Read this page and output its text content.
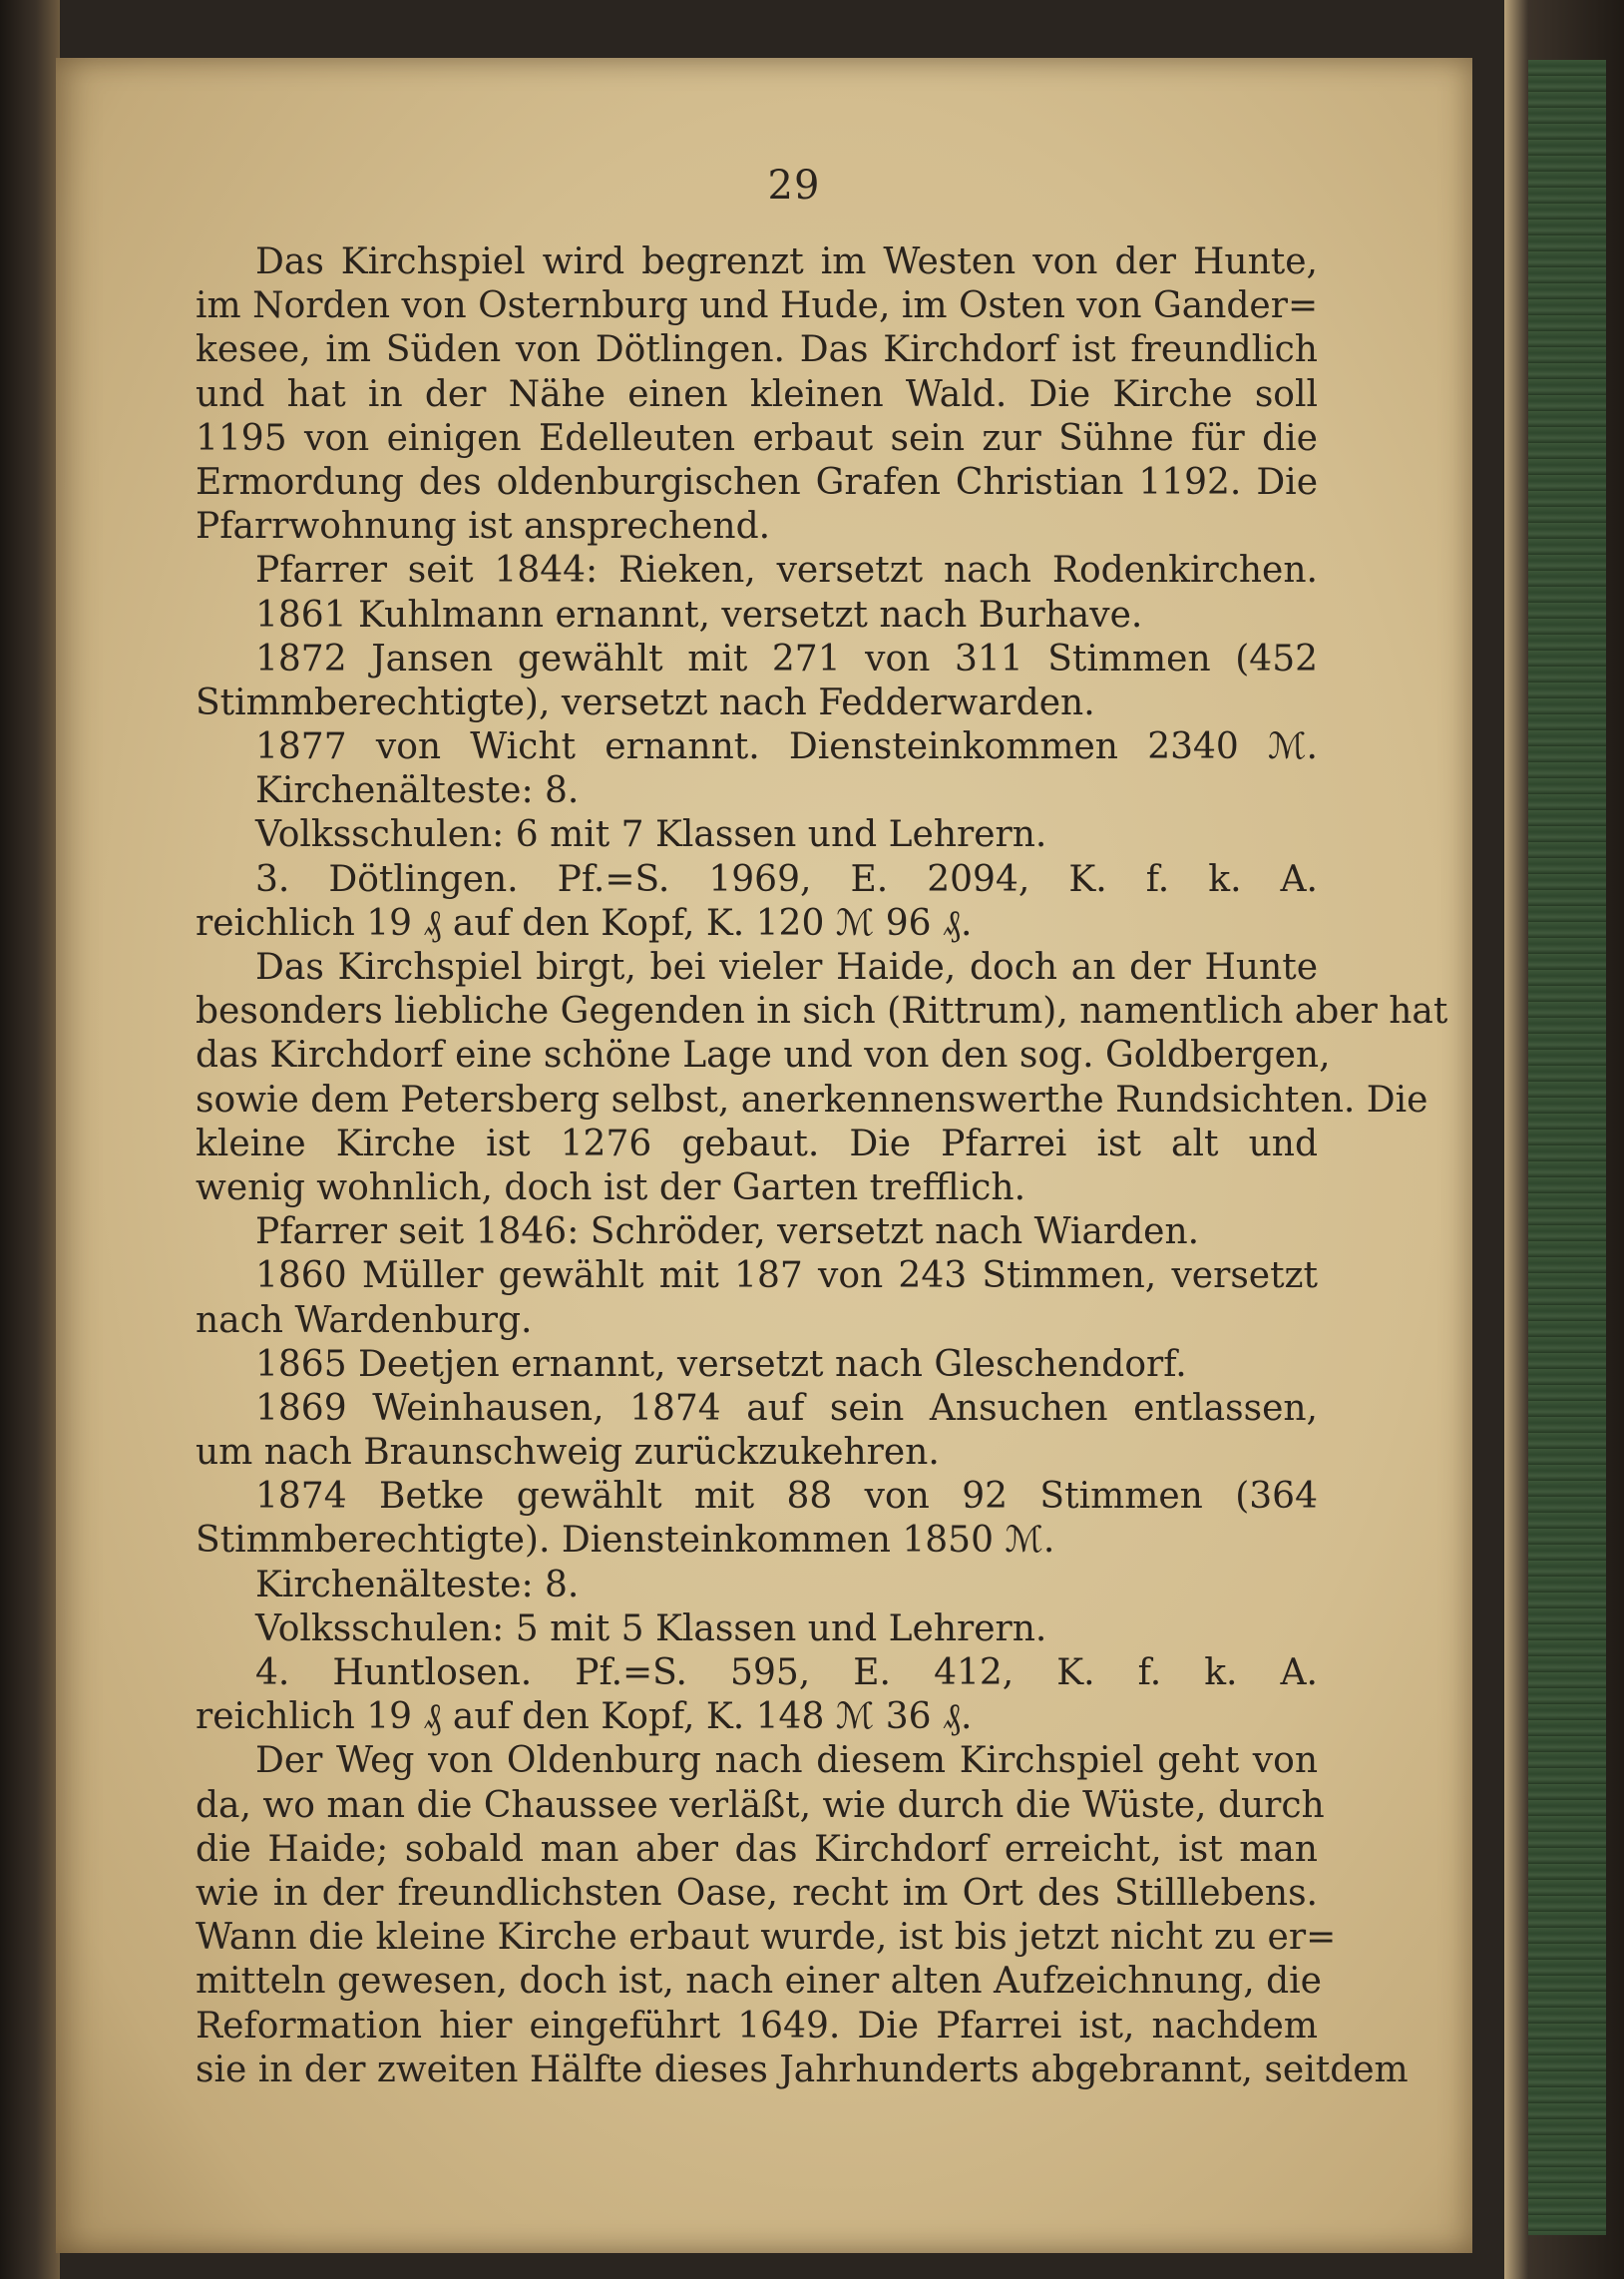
29
Das Kirchspiel wird begrenzt im Westen von der Hunte,
im Norden von Osternburg und Hude, im Osten von Gander=
kesee, im Süden von Dötlingen. Das Kirchdorf ist freundlich
und hat in der Nähe einen kleinen Wald. Die Kirche soll
1195 von einigen Edelleuten erbaut sein zur Sühne für die
Ermordung des oldenburgischen Grafen Christian 1192. Die
Pfarrwohnung ist ansprechend.
Pfarrer seit 1844: Rieken, versetzt nach Rodenkirchen.
1861 Kuhlmann ernannt, versetzt nach Burhave.
1872 Jansen gewählt mit 271 von 311 Stimmen (452
Stimmberechtigte), versetzt nach Fedderwarden.
1877 von Wicht ernannt. Diensteinkommen 2340 ℳ.
Kirchenälteste: 8.
Volksschulen: 6 mit 7 Klassen und Lehrern.
3. Dötlingen. Pf.=S. 1969, E. 2094, K. f. k. A.
reichlich 19 ₰ auf den Kopf, K. 120 ℳ 96 ₰.
Das Kirchspiel birgt, bei vieler Haide, doch an der Hunte
besonders liebliche Gegenden in sich (Rittrum), namentlich aber hat
das Kirchdorf eine schöne Lage und von den sog. Goldbergen,
sowie dem Petersberg selbst, anerkennenswerthe Rundsichten. Die
kleine Kirche ist 1276 gebaut. Die Pfarrei ist alt und
wenig wohnlich, doch ist der Garten trefflich.
Pfarrer seit 1846: Schröder, versetzt nach Wiarden.
1860 Müller gewählt mit 187 von 243 Stimmen, versetzt
nach Wardenburg.
1865 Deetjen ernannt, versetzt nach Gleschendorf.
1869 Weinhausen, 1874 auf sein Ansuchen entlassen,
um nach Braunschweig zurückzukehren.
1874 Betke gewählt mit 88 von 92 Stimmen (364
Stimmberechtigte). Diensteinkommen 1850 ℳ.
Kirchenälteste: 8.
Volksschulen: 5 mit 5 Klassen und Lehrern.
4. Huntlosen. Pf.=S. 595, E. 412, K. f. k. A.
reichlich 19 ₰ auf den Kopf, K. 148 ℳ 36 ₰.
Der Weg von Oldenburg nach diesem Kirchspiel geht von
da, wo man die Chaussee verläßt, wie durch die Wüste, durch
die Haide; sobald man aber das Kirchdorf erreicht, ist man
wie in der freundlichsten Oase, recht im Ort des Stilllebens.
Wann die kleine Kirche erbaut wurde, ist bis jetzt nicht zu er=
mitteln gewesen, doch ist, nach einer alten Aufzeichnung, die
Reformation hier eingeführt 1649. Die Pfarrei ist, nachdem
sie in der zweiten Hälfte dieses Jahrhunderts abgebrannt, seitdem
